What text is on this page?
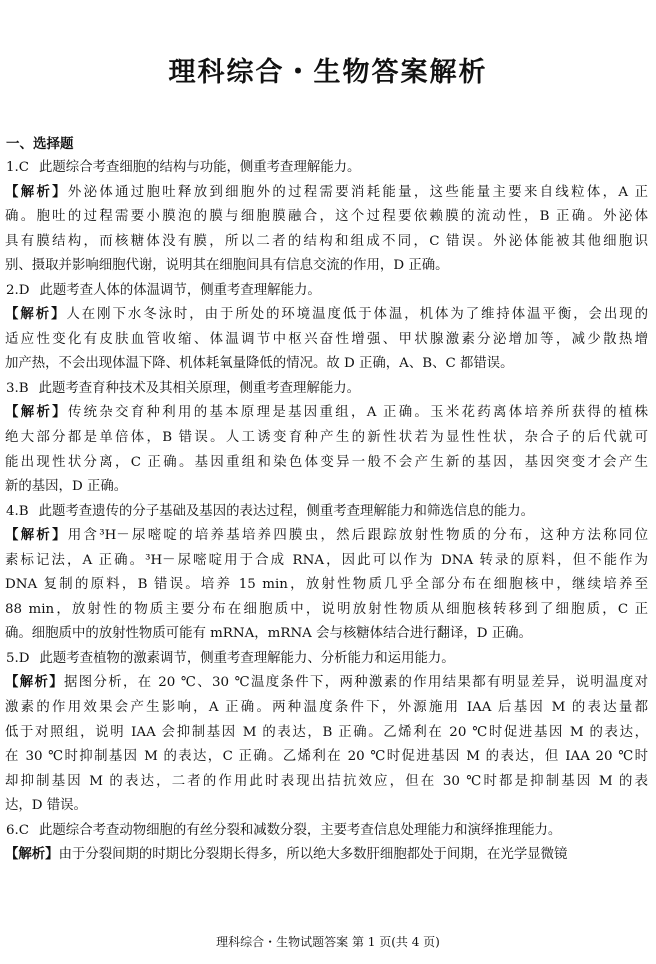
理科综合・生物答案解析
一、选择题
1.C 此题综合考查细胞的结构与功能，侧重考查理解能力。
【解析】外泌体通过胞吐释放到细胞外的过程需要消耗能量，这些能量主要来自线粒体，A 正
确。胞吐的过程需要小膜泡的膜与细胞膜融合，这个过程要依赖膜的流动性，B 正确。外泌体
具有膜结构，而核糖体没有膜，所以二者的结构和组成不同，C 错误。外泌体能被其他细胞识
别、摄取并影响细胞代谢，说明其在细胞间具有信息交流的作用，D 正确。
2.D 此题考查人体的体温调节，侧重考查理解能力。
【解析】人在刚下水冬泳时，由于所处的环境温度低于体温，机体为了维持体温平衡，会出现的
适应性变化有皮肤血管收缩、体温调节中枢兴奋性增强、甲状腺激素分泌增加等，减少散热增
加产热，不会出现体温下降、机体耗氧量降低的情况。故 D 正确，A、B、C 都错误。
3.B 此题考查育种技术及其相关原理，侧重考查理解能力。
【解析】传统杂交育种利用的基本原理是基因重组，A 正确。玉米花药离体培养所获得的植株
绝大部分都是单倍体，B 错误。人工诱变育种产生的新性状若为显性性状，杂合子的后代就可
能出现性状分离，C 正确。基因重组和染色体变异一般不会产生新的基因，基因突变才会产生
新的基因，D 正确。
4.B 此题考查遗传的分子基础及基因的表达过程，侧重考查理解能力和筛选信息的能力。
【解析】用含³H－尿嘧啶的培养基培养四膜虫，然后跟踪放射性物质的分布，这种方法称同位
素标记法，A 正确。³H－尿嘧啶用于合成 RNA，因此可以作为 DNA 转录的原料，但不能作为
DNA 复制的原料，B 错误。培养 15 min，放射性物质几乎全部分布在细胞核中，继续培养至
88 min，放射性的物质主要分布在细胞质中，说明放射性物质从细胞核转移到了细胞质，C 正
确。细胞质中的放射性物质可能有 mRNA，mRNA 会与核糖体结合进行翻译，D 正确。
5.D 此题考查植物的激素调节，侧重考查理解能力、分析能力和运用能力。
【解析】据图分析，在 20 ℃、30 ℃温度条件下，两种激素的作用结果都有明显差异，说明温度对
激素的作用效果会产生影响，A 正确。两种温度条件下，外源施用 IAA 后基因 M 的表达量都
低于对照组，说明 IAA 会抑制基因 M 的表达，B 正确。乙烯利在 20 ℃时促进基因 M 的表达，
在 30 ℃时抑制基因 M 的表达，C 正确。乙烯利在 20 ℃时促进基因 M 的表达，但 IAA 20 ℃时
却抑制基因 M 的表达，二者的作用此时表现出拮抗效应，但在 30 ℃时都是抑制基因 M 的表
达，D 错误。
6.C 此题综合考查动物细胞的有丝分裂和减数分裂，主要考查信息处理能力和演绎推理能力。
【解析】由于分裂间期的时期比分裂期长得多，所以绝大多数肝细胞都处于间期，在光学显微镜
理科综合・生物试题答案 第 1 页(共 4 页)
